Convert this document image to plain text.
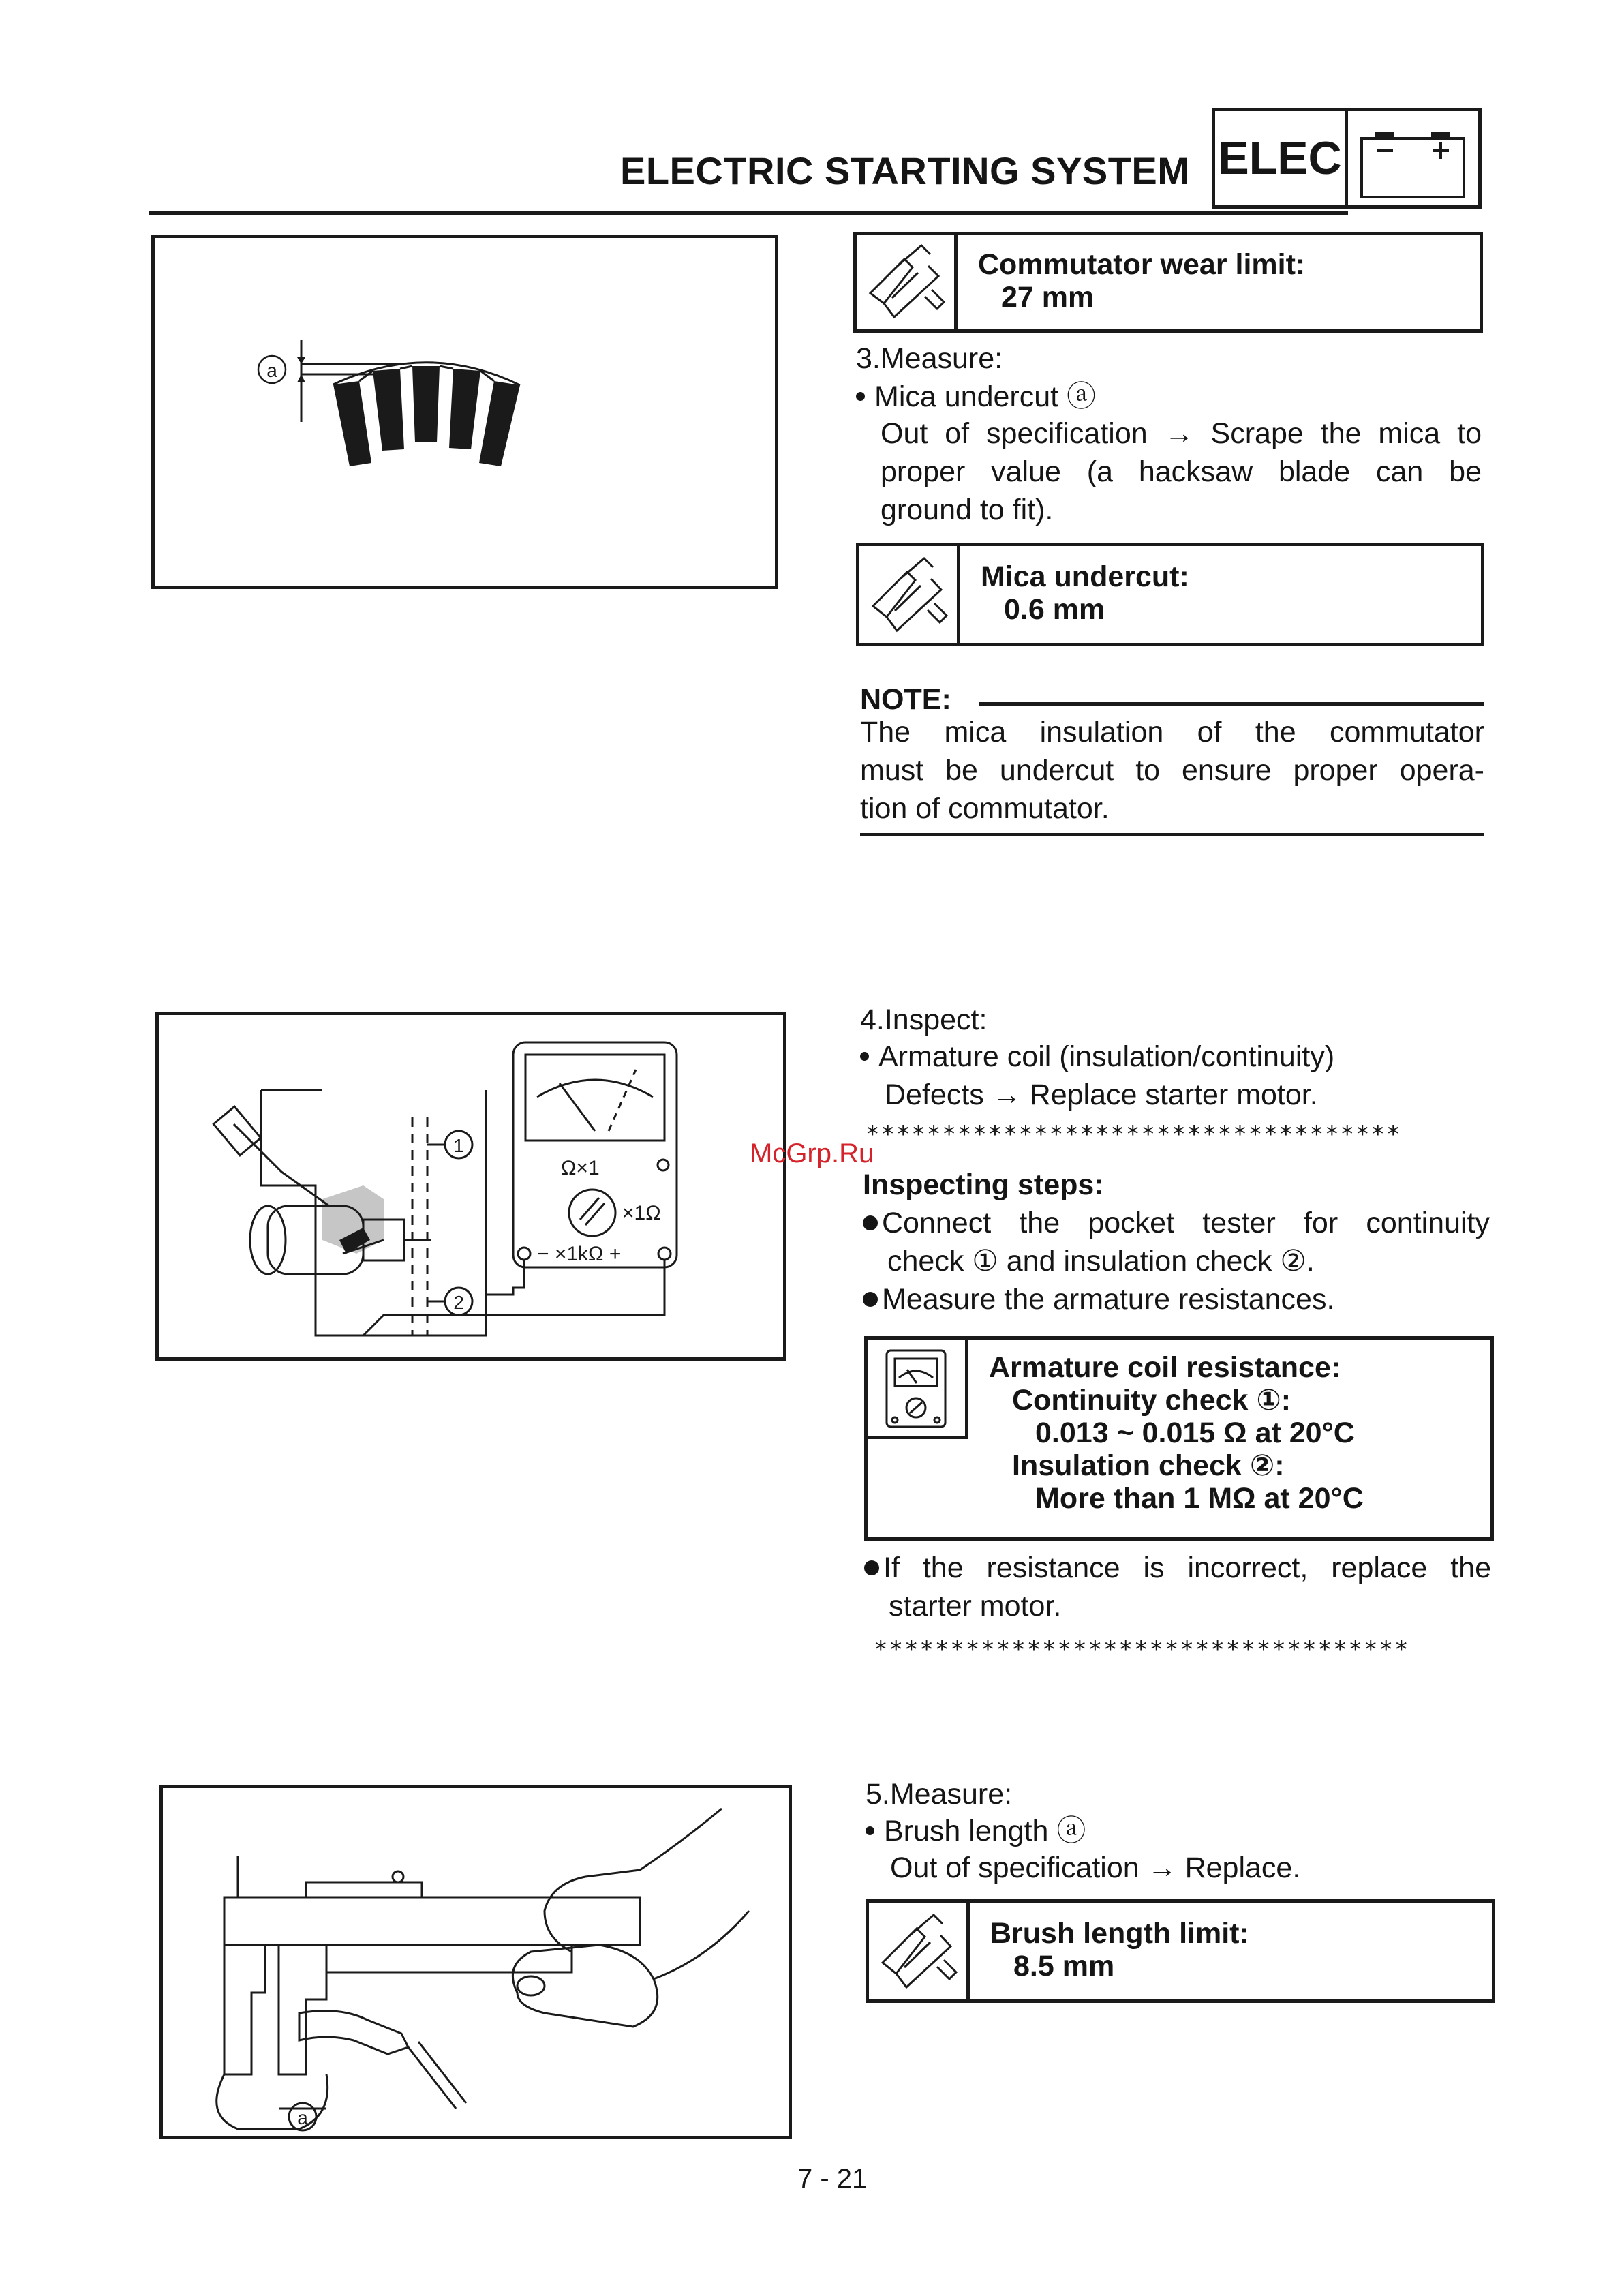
ELECTRIC STARTING SYSTEM ELEC
a
Commutator wear limit:
27 mm
3.Measure:
Mica undercut ⓐ
Out of specification → Scrape the mica to
proper value (a hacksaw blade can be
ground to fit).
Mica undercut:
0.6 mm
NOTE:
The mica insulation of the commutator
must be undercut to ensure proper opera-
tion of commutator.
1
2
Ω×1
×1Ω
− ×1kΩ +
4.Inspect:
Armature coil (insulation/continuity)
Defects → Replace starter motor.
***********************************
McGrp.Ru
Inspecting steps:
Connect the pocket tester for continuity
check ① and insulation check ②.
Measure the armature resistances.
Armature coil resistance:
Continuity check ①:
0.013 ~ 0.015 Ω at 20°C
Insulation check ②:
More than 1 MΩ at 20°C
If the resistance is incorrect, replace the
starter motor.
***********************************
a
5.Measure:
Brush length ⓐ
Out of specification → Replace.
Brush length limit:
8.5 mm
7 - 21
